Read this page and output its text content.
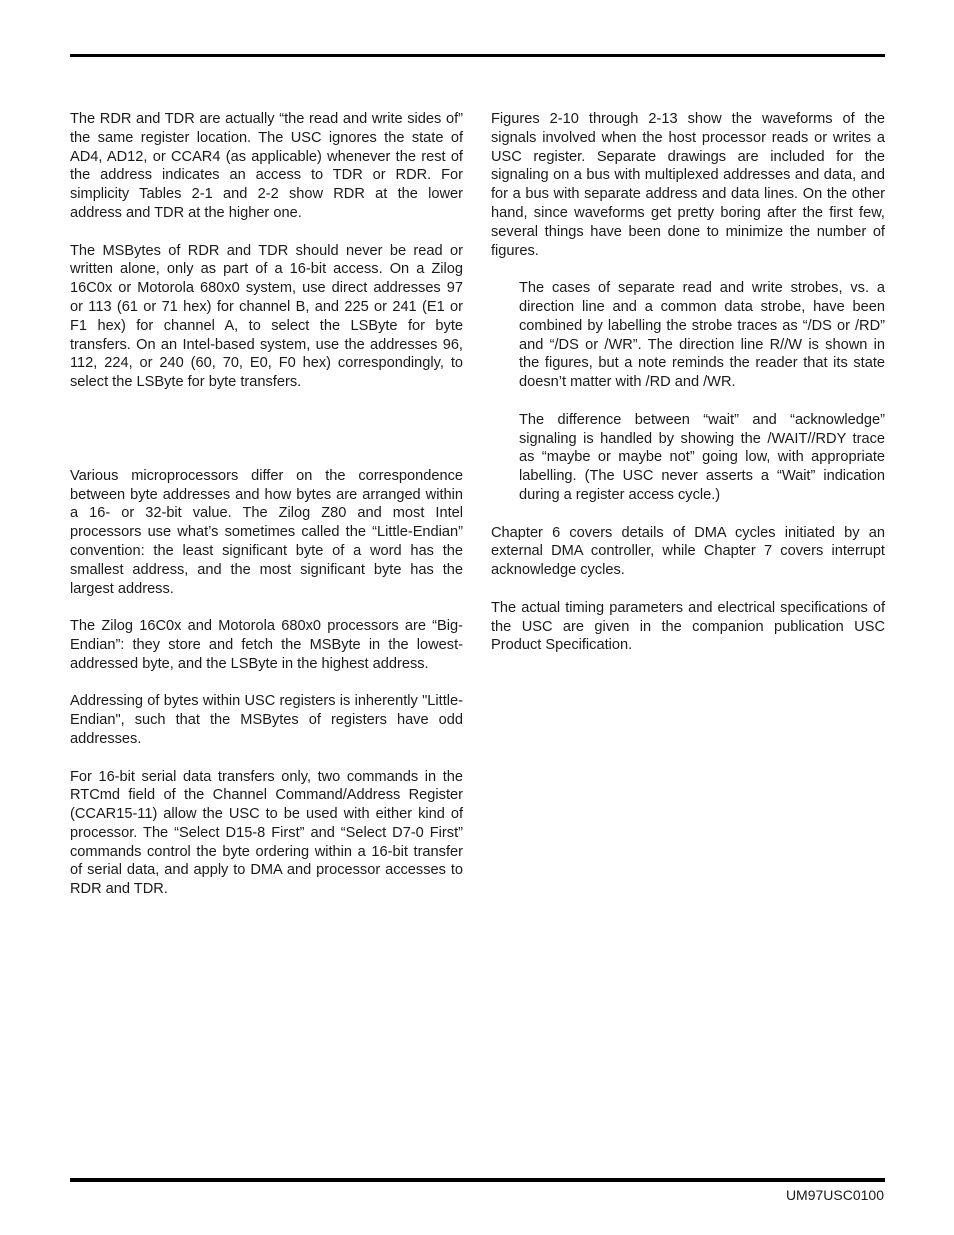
The RDR and TDR are actually “the read and write sides of” the same register location. The USC ignores the state of AD4, AD12, or CCAR4 (as applicable) whenever the rest of the address indicates an access to TDR or RDR. For simplicity Tables 2-1 and 2-2 show RDR at the lower address and TDR at the higher one.

The MSBytes of RDR and TDR should never be read or written alone, only as part of a 16-bit access. On a Zilog 16C0x or Motorola 680x0 system, use direct addresses 97 or 113 (61 or 71 hex) for channel B, and 225 or 241 (E1 or F1 hex) for channel A, to select the LSByte for byte transfers. On an Intel-based system, use the addresses 96, 112, 224, or 240 (60, 70, E0, F0 hex) correspondingly, to select the LSByte for byte transfers.

Various microprocessors differ on the correspondence between byte addresses and how bytes are arranged within a 16- or 32-bit value. The Zilog Z80 and most Intel processors use what’s sometimes called the “Little-Endian” convention: the least significant byte of a word has the smallest address, and the most significant byte has the largest address.

The Zilog 16C0x and Motorola 680x0 processors are “Big-Endian”: they store and fetch the MSByte in the lowest-addressed byte, and the LSByte in the highest address.

Addressing of bytes within USC registers is inherently "Little-Endian", such that the MSBytes of registers have odd addresses.

For 16-bit serial data transfers only, two commands in the RTCmd field of the Channel Command/Address Register (CCAR15-11) allow the USC to be used with either kind of processor. The “Select D15-8 First” and “Select D7-0 First” commands control the byte ordering within a 16-bit transfer of serial data, and apply to DMA and processor accesses to RDR and TDR.

Figures 2-10 through 2-13 show the waveforms of the signals involved when the host processor reads or writes a USC register. Separate drawings are included for the signaling on a bus with multiplexed addresses and data, and for a bus with separate address and data lines. On the other hand, since waveforms get pretty boring after the first few, several things have been done to minimize the number of figures.

The cases of separate read and write strobes, vs. a direction line and a common data strobe, have been combined by labelling the strobe traces as “/DS or /RD” and “/DS or /WR”. The direction line R//W is shown in the figures, but a note reminds the reader that its state doesn’t matter with /RD and /WR.

The difference between “wait” and “acknowledge” signaling is handled by showing the /WAIT//RDY trace as “maybe or maybe not” going low, with appropriate labelling. (The USC never asserts a “Wait” indication during a register access cycle.)

Chapter 6 covers details of DMA cycles initiated by an external DMA controller, while Chapter 7 covers interrupt acknowledge cycles.

The actual timing parameters and electrical specifications of the USC are given in the companion publication USC Product Specification.

UM97USC0100
